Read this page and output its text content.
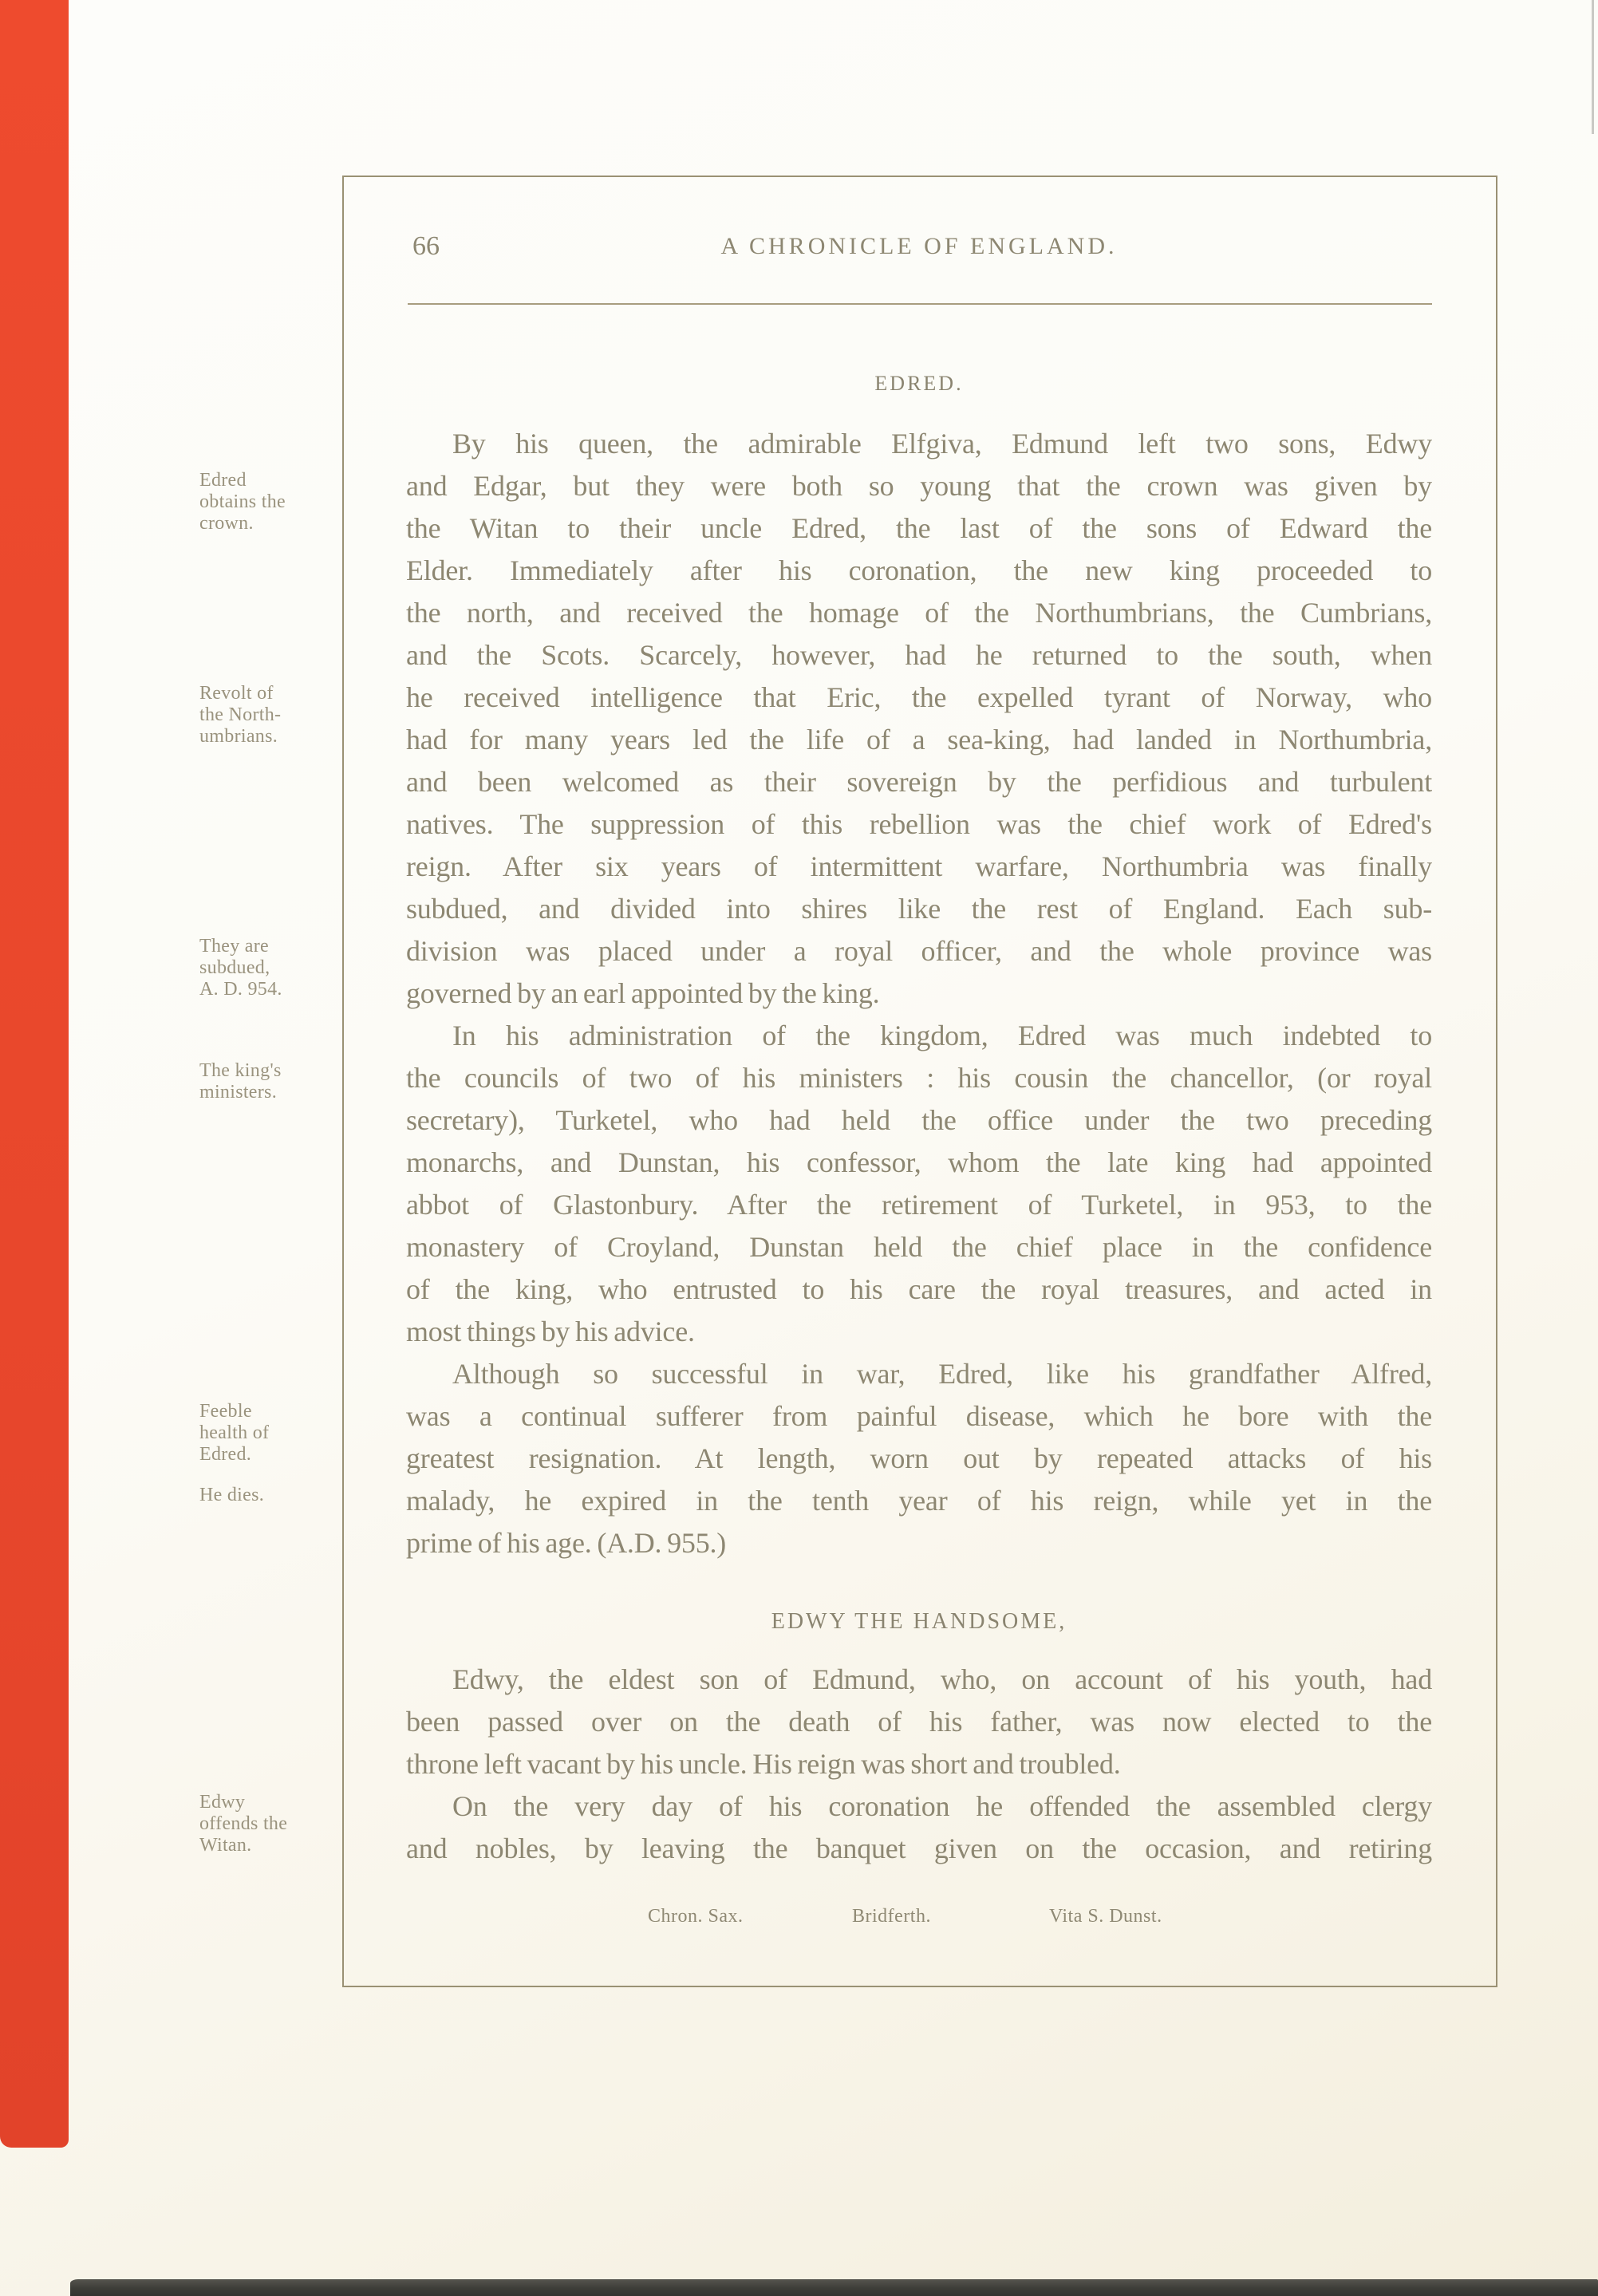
66	A CHRONICLE OF ENGLAND.
EDRED.
By his queen, the admirable Elfgiva, Edmund left two sons, Edwy
and Edgar, but they were both so young that the crown was given by
the Witan to their uncle Edred, the last of the sons of Edward the
Elder. Immediately after his coronation, the new king proceeded to
the north, and received the homage of the Northumbrians, the Cumbrians,
and the Scots. Scarcely, however, had he returned to the south, when
he received intelligence that Eric, the expelled tyrant of Norway, who
had for many years led the life of a sea-king, had landed in Northumbria,
and been welcomed as their sovereign by the perfidious and turbulent
natives. The suppression of this rebellion was the chief work of Edred's
reign. After six years of intermittent warfare, Northumbria was finally
subdued, and divided into shires like the rest of England. Each sub-
division was placed under a royal officer, and the whole province was
governed by an earl appointed by the king.
In his administration of the kingdom, Edred was much indebted to
the councils of two of his ministers : his cousin the chancellor, (or royal
secretary), Turketel, who had held the office under the two preceding
monarchs, and Dunstan, his confessor, whom the late king had appointed
abbot of Glastonbury. After the retirement of Turketel, in 953, to the
monastery of Croyland, Dunstan held the chief place in the confidence
of the king, who entrusted to his care the royal treasures, and acted in
most things by his advice.
Although so successful in war, Edred, like his grandfather Alfred,
was a continual sufferer from painful disease, which he bore with the
greatest resignation. At length, worn out by repeated attacks of his
malady, he expired in the tenth year of his reign, while yet in the
prime of his age. (A.D. 955.)
EDWY THE HANDSOME,
Edwy, the eldest son of Edmund, who, on account of his youth, had
been passed over on the death of his father, was now elected to the
throne left vacant by his uncle. His reign was short and troubled.
On the very day of his coronation he offended the assembled clergy
and nobles, by leaving the banquet given on the occasion, and retiring
Chron. Sax.	Bridferth.	Vita S. Dunst.
Edred
obtains the
crown.
Revolt of
the North-
umbrians.
They are
subdued,
A. D. 954.
The king's
ministers.
Feeble
health of
Edred.
He dies.
Edwy
offends the
Witan.
